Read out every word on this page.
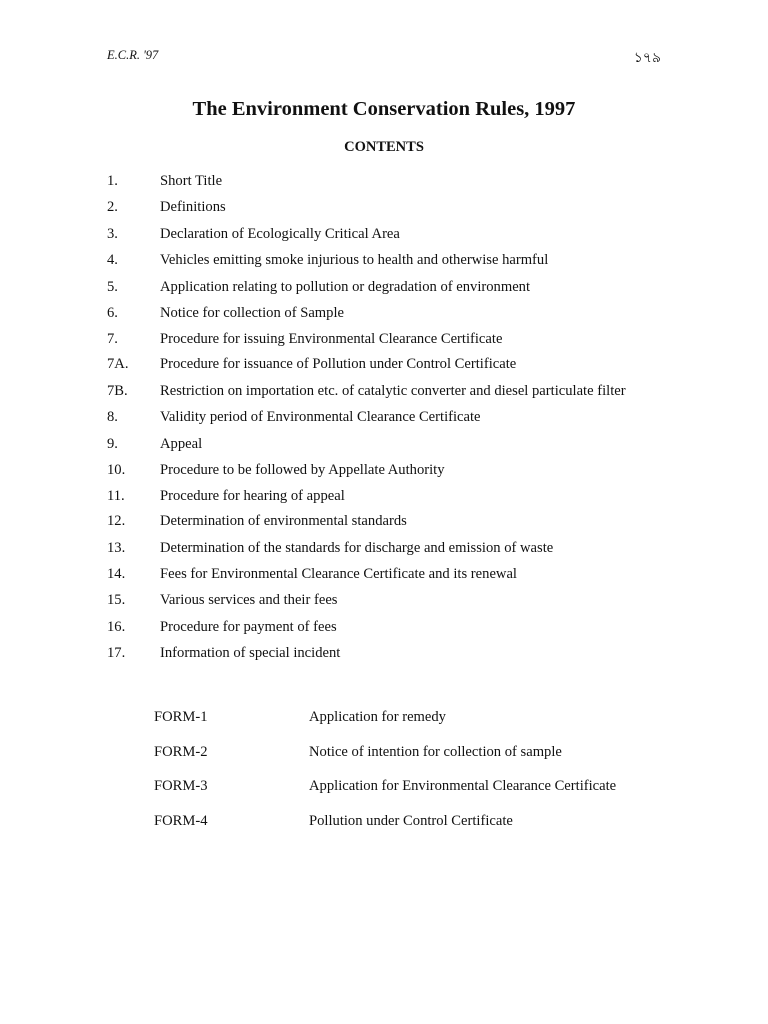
E.C.R. '97	১৭৯
The Environment Conservation Rules, 1997
CONTENTS
1.	Short Title
2.	Definitions
3.	Declaration of Ecologically Critical Area
4.	Vehicles emitting smoke injurious to health and otherwise harmful
5.	Application relating to pollution or degradation of environment
6.	Notice for collection of Sample
7.	Procedure for issuing Environmental Clearance Certificate
7A.	Procedure for issuance of Pollution under Control Certificate
7B.	Restriction on importation etc. of catalytic converter and diesel particulate filter
8.	Validity period of Environmental Clearance Certificate
9.	Appeal
10.	Procedure to be followed by Appellate Authority
11.	Procedure for hearing of appeal
12.	Determination of environmental standards
13.	Determination of the standards for discharge and emission of waste
14.	Fees for Environmental Clearance Certificate and its renewal
15.	Various services and their fees
16.	Procedure for payment of fees
17.	Information of special incident
FORM-1	Application for remedy
FORM-2	Notice of intention for collection of sample
FORM-3	Application for Environmental Clearance Certificate
FORM-4	Pollution under Control Certificate
